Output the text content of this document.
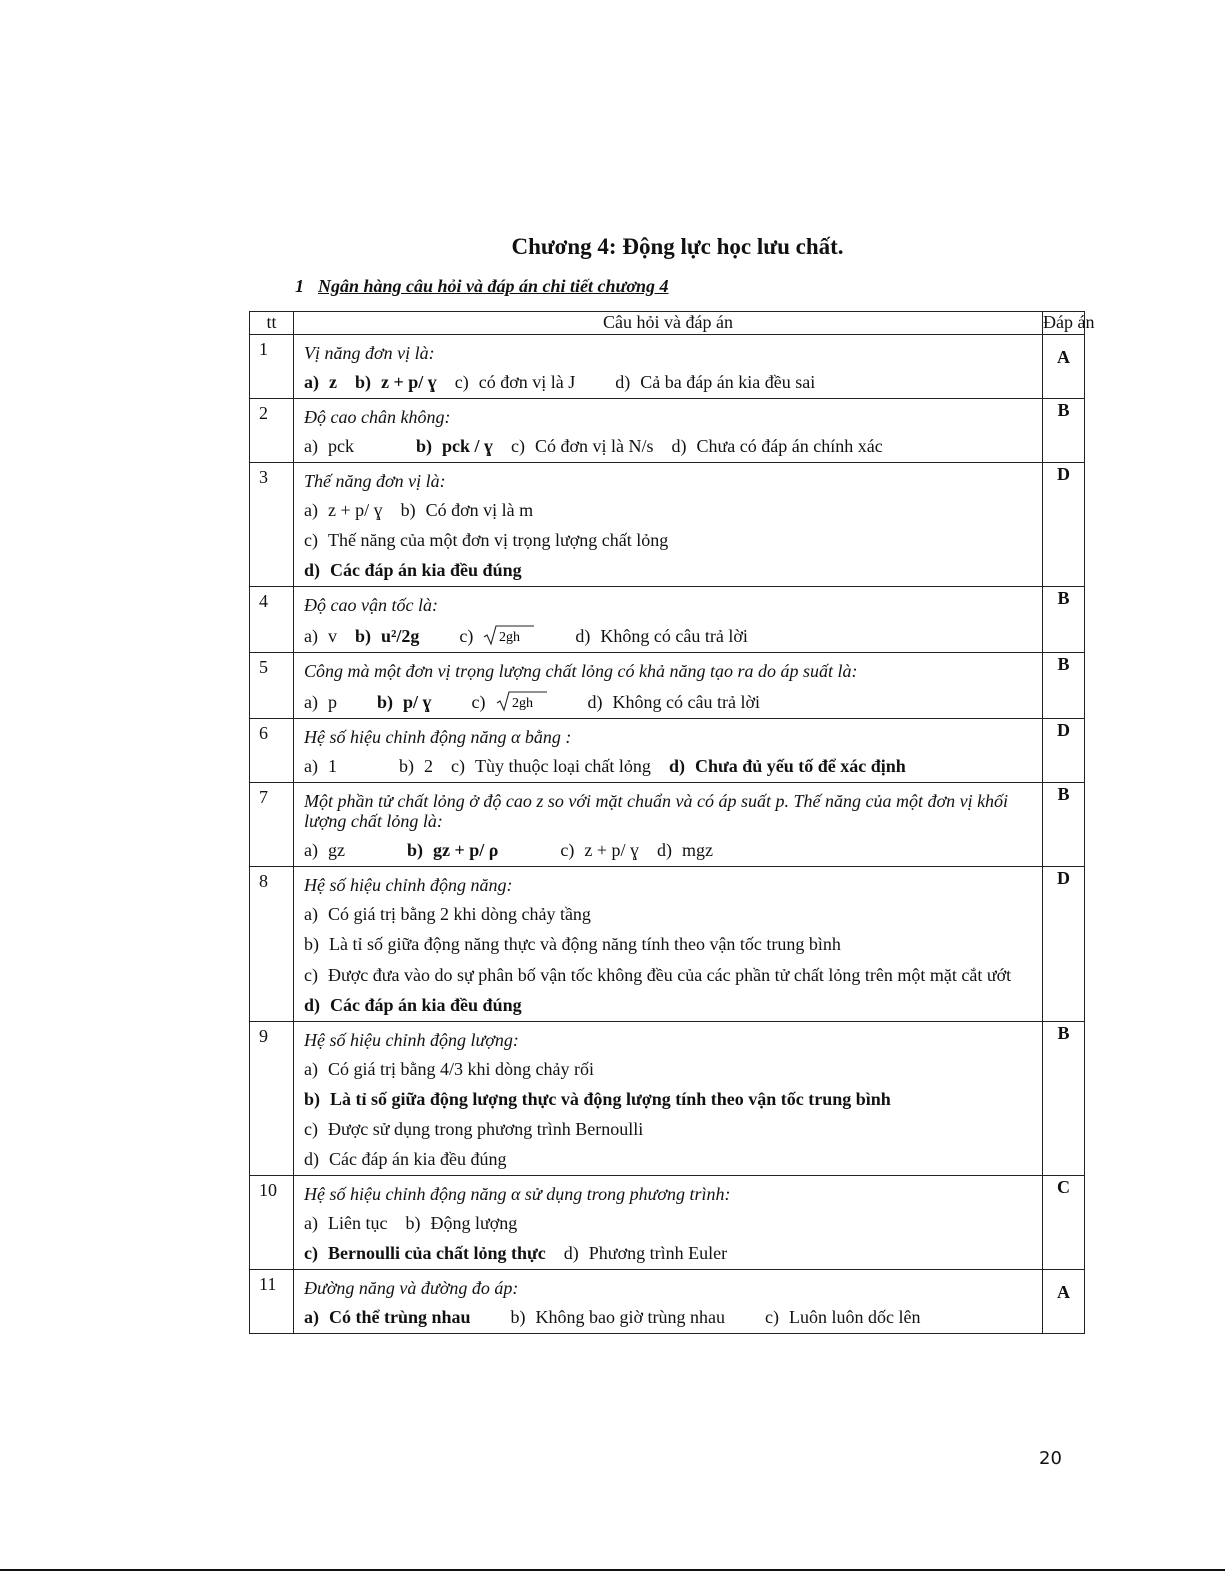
Chương 4: Động lực học lưu chất.
1 Ngân hàng câu hỏi và đáp án chi tiết chương 4
tt	Câu hỏi và đáp án	Đáp án
1	Vị năng đơn vị là:
a) z b) z + p/ ɣ c) có đơn vị là J d) Cả ba đáp án kia đều sai	A
2	Độ cao chân không:
a) pck b) pck / ɣ c) Có đơn vị là N/s d) Chưa có đáp án chính xác	B
3	Thế năng đơn vị là:
a) z + p/ ɣ b) Có đơn vị là m
c) Thế năng của một đơn vị trọng lượng chất lỏng
d) Các đáp án kia đều đúng	D
4	Độ cao vận tốc là:
a) v b) u²/2g c) 2gh d) Không có câu trả lời	B
5	Công mà một đơn vị trọng lượng chất lỏng có khả năng tạo ra do áp suất là:
a) p b) p/ ɣ c) 2gh d) Không có câu trả lời	B
6	Hệ số hiệu chỉnh động năng α bằng :
a) 1 b) 2 c) Tùy thuộc loại chất lỏng d) Chưa đủ yếu tố để xác định	D
7	Một phần tử chất lỏng ở độ cao z so với mặt chuẩn và có áp suất p. Thế năng của một đơn vị khối lượng chất lỏng là:
a) gz b) gz + p/ ρ c) z + p/ ɣ d) mgz	B
8	Hệ số hiệu chỉnh động năng:
a) Có giá trị bằng 2 khi dòng chảy tầng
b) Là tỉ số giữa động năng thực và động năng tính theo vận tốc trung bình
c) Được đưa vào do sự phân bố vận tốc không đều của các phần tử chất lỏng trên một mặt cắt ướt
d) Các đáp án kia đều đúng	D
9	Hệ số hiệu chỉnh động lượng:
a) Có giá trị bằng 4/3 khi dòng chảy rối
b) Là tỉ số giữa động lượng thực và động lượng tính theo vận tốc trung bình
c) Được sử dụng trong phương trình Bernoulli
d) Các đáp án kia đều đúng	B
10	Hệ số hiệu chỉnh động năng α sử dụng trong phương trình:
a) Liên tục b) Động lượng
c) Bernoulli của chất lỏng thực d) Phương trình Euler	C
11	Đường năng và đường đo áp:
a) Có thể trùng nhau b) Không bao giờ trùng nhau c) Luôn luôn dốc lên	A
20
